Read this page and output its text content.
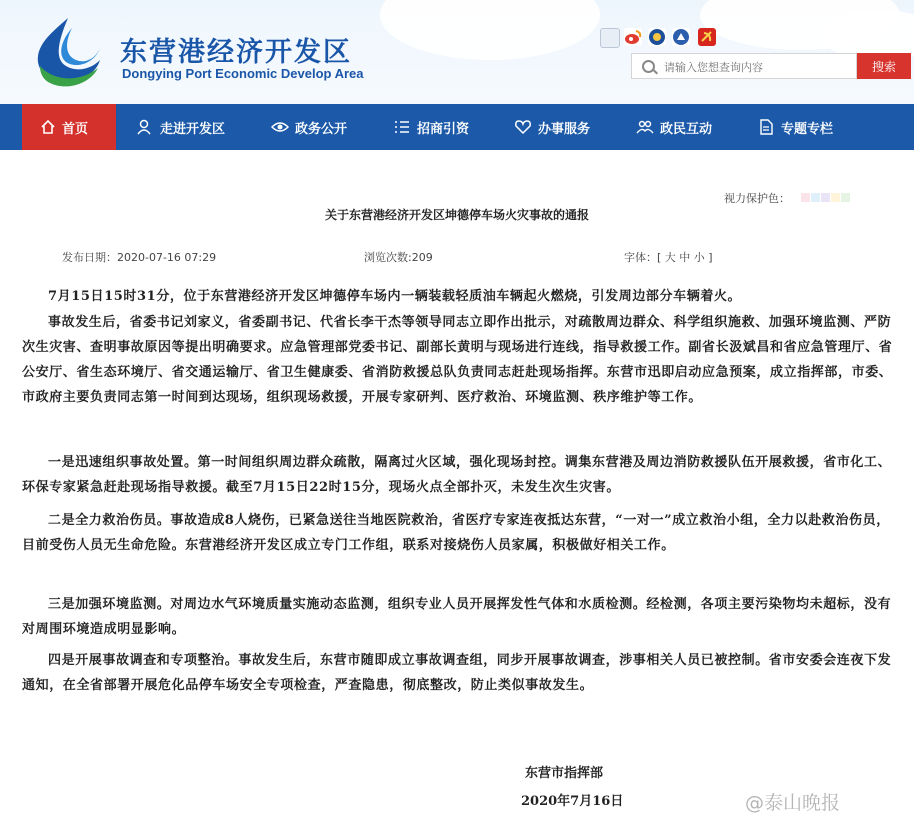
东营港经济开发区
Dongying Port Economic Develop Area
请输入您想查询内容	搜索
首页	走进开发区	政务公开	招商引资	办事服务	政民互动	专题专栏
视力保护色：
关于东营港经济开发区坤德停车场火灾事故的通报
发布日期：2020-07-16 07:29	浏览次数:209	字体：[ 大 中 小 ]

7月15日15时31分，位于东营港经济开发区坤德停车场内一辆装载轻质油车辆起火燃烧，引发周边部分车辆着火。

事故发生后，省委书记刘家义，省委副书记、代省长李干杰等领导同志立即作出批示，对疏散周边群众、科学组织施救、加强环境监测、严防次生灾害、查明事故原因等提出明确要求。应急管理部党委书记、副部长黄明与现场进行连线，指导救援工作。副省长汲斌昌和省应急管理厅、省公安厅、省生态环境厅、省交通运输厅、省卫生健康委、省消防救援总队负责同志赶赴现场指挥。东营市迅即启动应急预案，成立指挥部，市委、市政府主要负责同志第一时间到达现场，组织现场救援，开展专家研判、医疗救治、环境监测、秩序维护等工作。

一是迅速组织事故处置。第一时间组织周边群众疏散，隔离过火区域，强化现场封控。调集东营港及周边消防救援队伍开展救援，省市化工、环保专家紧急赶赴现场指导救援。截至7月15日22时15分，现场火点全部扑灭，未发生次生灾害。

二是全力救治伤员。事故造成8人烧伤，已紧急送往当地医院救治，省医疗专家连夜抵达东营，“一对一”成立救治小组，全力以赴救治伤员，目前受伤人员无生命危险。东营港经济开发区成立专门工作组，联系对接烧伤人员家属，积极做好相关工作。

三是加强环境监测。对周边水气环境质量实施动态监测，组织专业人员开展挥发性气体和水质检测。经检测，各项主要污染物均未超标，没有对周围环境造成明显影响。

四是开展事故调查和专项整治。事故发生后，东营市随即成立事故调查组，同步开展事故调查，涉事相关人员已被控制。省市安委会连夜下发通知，在全省部署开展危化品停车场安全专项检查，严查隐患，彻底整改，防止类似事故发生。

东营市指挥部
2020年7月16日	@泰山晚报
